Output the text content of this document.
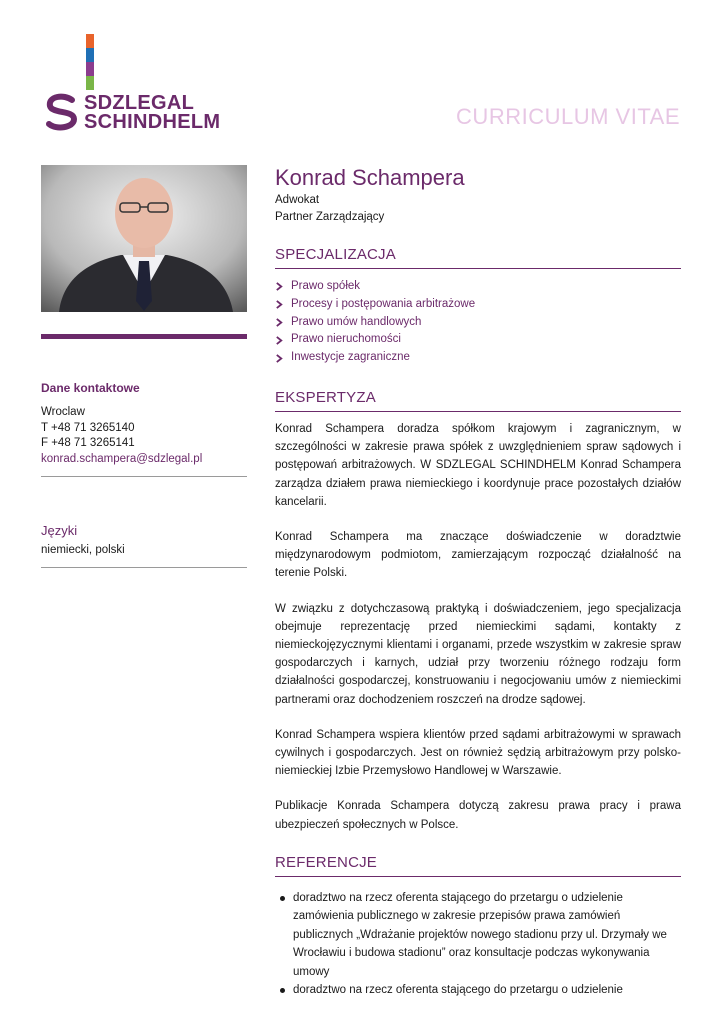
SDZLEGAL
SCHINDHELM	CURRICULUM VITAE
Dane kontaktowe
Wroclaw
T +48 71 3265140
F +48 71 3265141
konrad.schampera@sdzlegal.pl
Języki
niemiecki, polski
Konrad Schampera
Adwokat
Partner Zarządzający
SPECJALIZACJA
Prawo spółek
Procesy i postępowania arbitrażowe
Prawo umów handlowych
Prawo nieruchomości
Inwestycje zagraniczne
EKSPERTYZA

Konrad Schampera doradza spółkom krajowym i zagranicznym, w szczególności w zakresie prawa spółek z uwzględnieniem spraw sądowych i postępowań arbitrażowych. W SDZLEGAL SCHINDHELM Konrad Schampera zarządza działem prawa niemieckiego i koordynuje prace pozostałych działów kancelarii.

Konrad Schampera ma znaczące doświadczenie w doradztwie międzynarodowym podmiotom, zamierzającym rozpocząć działalność na terenie Polski.

W związku z dotychczasową praktyką i doświadczeniem, jego specjalizacja obejmuje reprezentację przed niemieckimi sądami, kontakty z niemieckojęzycznymi klientami i organami, przede wszystkim w zakresie spraw gospodarczych i karnych, udział przy tworzeniu różnego rodzaju form działalności gospodarczej, konstruowaniu i negocjowaniu umów z niemieckimi partnerami oraz dochodzeniem roszczeń na drodze sądowej.

Konrad Schampera wspiera klientów przed sądami arbitrażowymi w sprawach cywilnych i gospodarczych. Jest on również sędzią arbitrażowym przy polsko-niemieckiej Izbie Przemysłowo Handlowej w Warszawie.

Publikacje Konrada Schampera dotyczą zakresu prawa pracy i prawa ubezpieczeń społecznych w Polsce.

REFERENCJE
doradztwo na rzecz oferenta stającego do przetargu o udzielenie zamówienia publicznego w zakresie przepisów prawa zamówień publicznych „Wdrażanie projektów nowego stadionu przy ul. Drzymały we Wrocławiu i budowa stadionu” oraz konsultacje podczas wykonywania umowy
doradztwo na rzecz oferenta stającego do przetargu o udzielenie
